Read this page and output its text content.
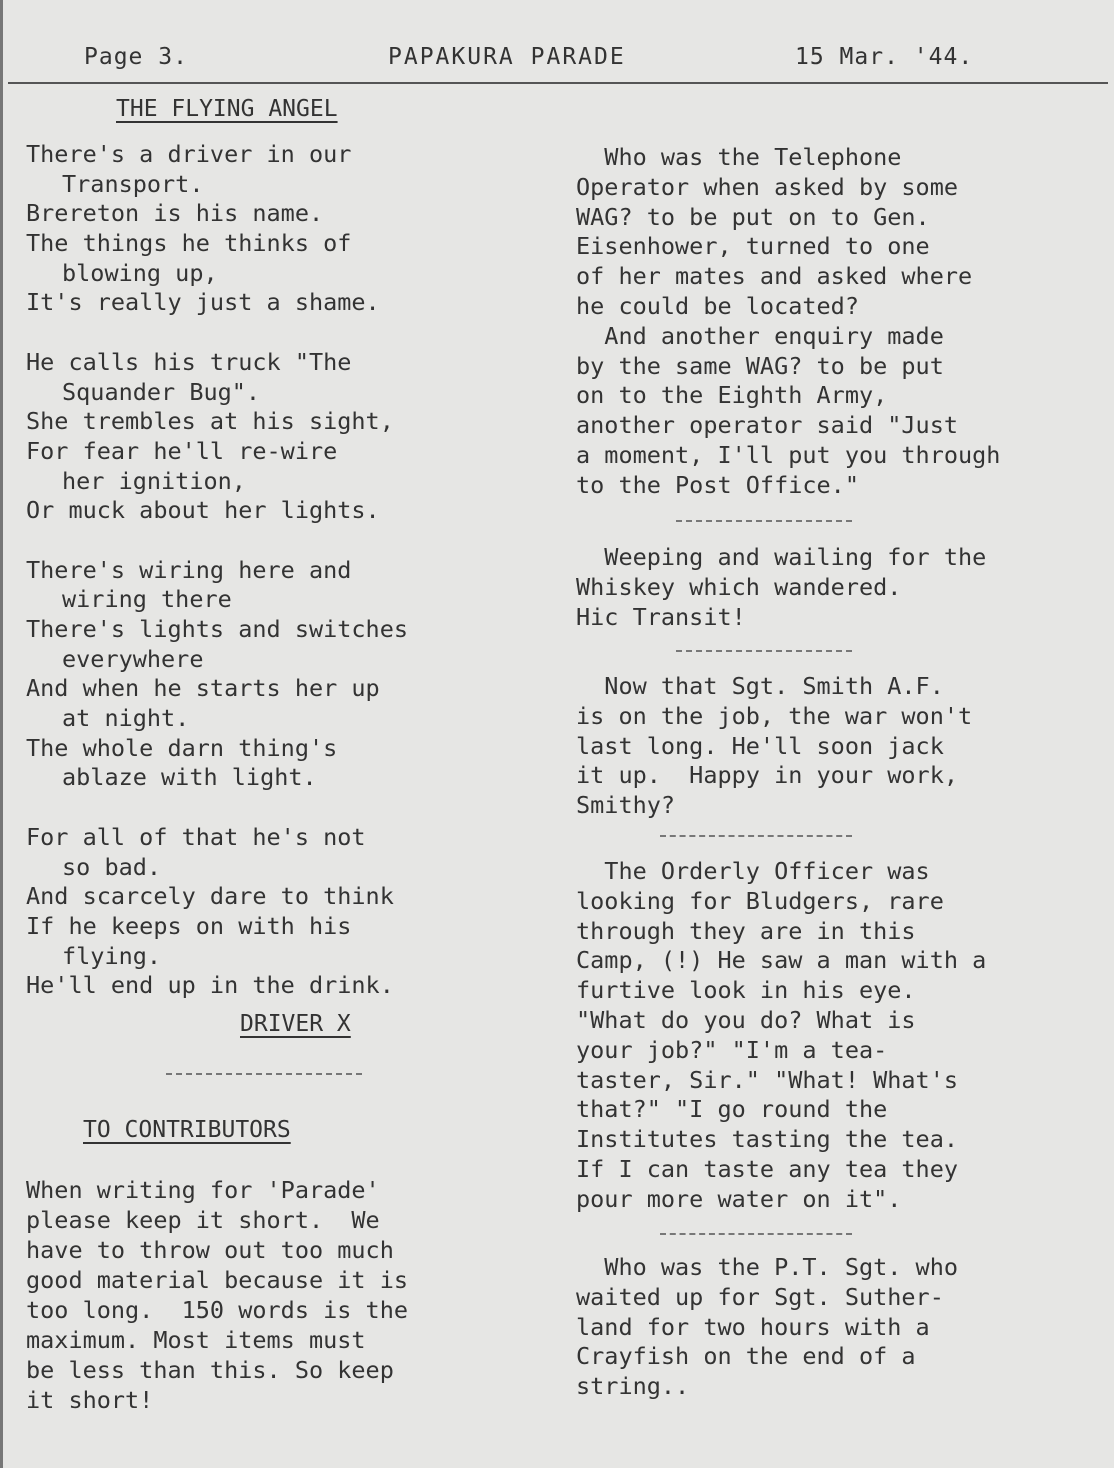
Page 3.	PAPAKURA PARADE	15 Mar. '44.
THE FLYING ANGEL
There's a driver in our
Transport.
Brereton is his name.
The things he thinks of
blowing up,
It's really just a shame.
He calls his truck "The
Squander Bug".
She trembles at his sight,
For fear he'll re-wire
her ignition,
Or muck about her lights.
There's wiring here and
wiring there
There's lights and switches
everywhere
And when he starts her up
at night.
The whole darn thing's
ablaze with light.
For all of that he's not
so bad.
And scarcely dare to think
If he keeps on with his
flying.
He'll end up in the drink.
DRIVER X
TO CONTRIBUTORS
When writing for 'Parade'
please keep it short.  We
have to throw out too much
good material because it is
too long.  150 words is the
maximum. Most items must
be less than this. So keep
it short!
Who was the Telephone
Operator when asked by some
WAG? to be put on to Gen.
Eisenhower, turned to one
of her mates and asked where
he could be located?
And another enquiry made
by the same WAG? to be put
on to the Eighth Army,
another operator said "Just
a moment, I'll put you through
to the Post Office."
Weeping and wailing for the
Whiskey which wandered.
Hic Transit!
Now that Sgt. Smith A.F.
is on the job, the war won't
last long. He'll soon jack
it up.  Happy in your work,
Smithy?
The Orderly Officer was
looking for Bludgers, rare
through they are in this
Camp, (!) He saw a man with a
furtive look in his eye.
"What do you do? What is
your job?" "I'm a tea-
taster, Sir." "What! What's
that?" "I go round the
Institutes tasting the tea.
If I can taste any tea they
pour more water on it".
Who was the P.T. Sgt. who
waited up for Sgt. Suther-
land for two hours with a
Crayfish on the end of a
string..
